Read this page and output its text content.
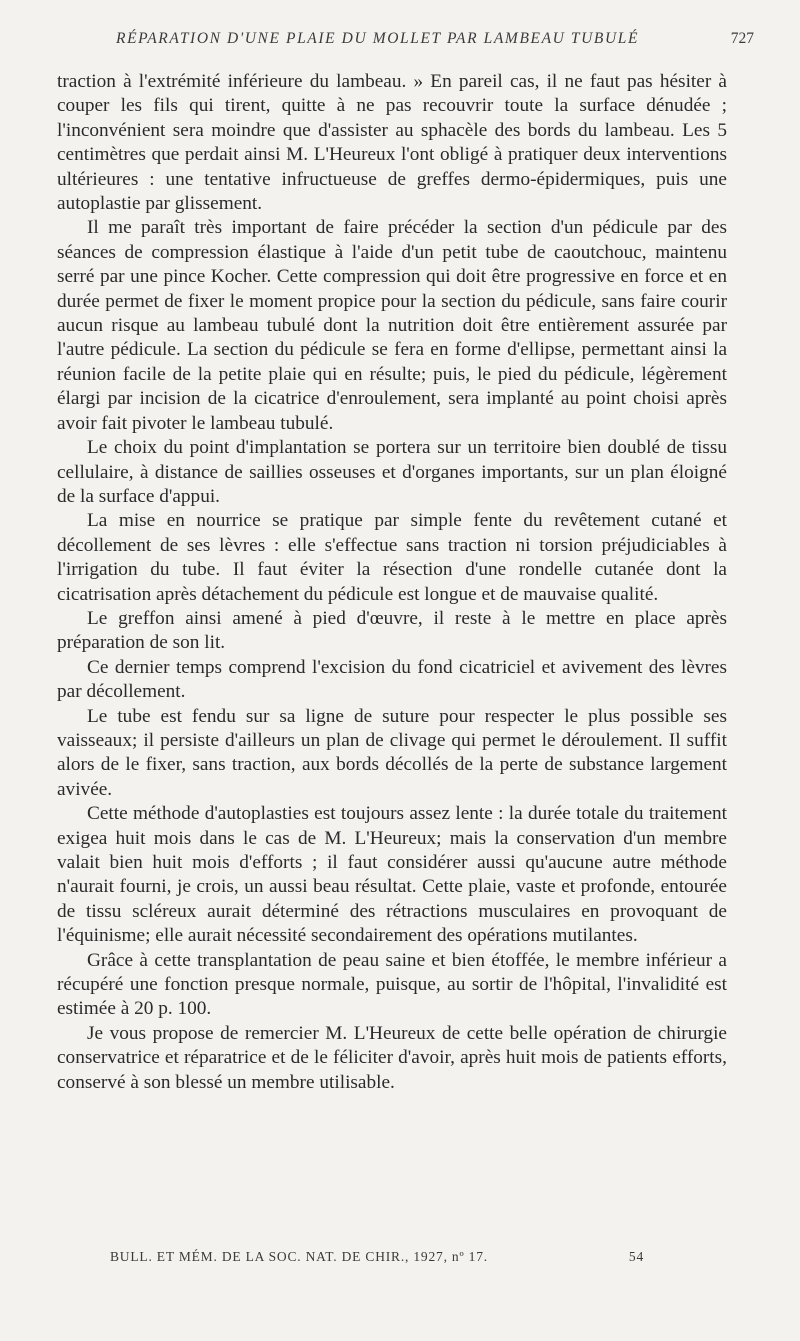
RÉPARATION D'UNE PLAIE DU MOLLET PAR LAMBEAU TUBULÉ	727

traction à l'extrémité inférieure du lambeau. » En pareil cas, il ne faut pas hésiter à couper les fils qui tirent, quitte à ne pas recouvrir toute la surface dénudée ; l'inconvénient sera moindre que d'assister au sphacèle des bords du lambeau. Les 5 centimètres que perdait ainsi M. L'Heureux l'ont obligé à pratiquer deux interventions ultérieures : une tentative infructueuse de greffes dermo-épidermiques, puis une autoplastie par glissement.

Il me paraît très important de faire précéder la section d'un pédicule par des séances de compression élastique à l'aide d'un petit tube de caoutchouc, maintenu serré par une pince Kocher. Cette compression qui doit être progressive en force et en durée permet de fixer le moment propice pour la section du pédicule, sans faire courir aucun risque au lambeau tubulé dont la nutrition doit être entièrement assurée par l'autre pédicule. La section du pédicule se fera en forme d'ellipse, permettant ainsi la réunion facile de la petite plaie qui en résulte; puis, le pied du pédicule, légèrement élargi par incision de la cicatrice d'enroulement, sera implanté au point choisi après avoir fait pivoter le lambeau tubulé.

Le choix du point d'implantation se portera sur un territoire bien doublé de tissu cellulaire, à distance de saillies osseuses et d'organes importants, sur un plan éloigné de la surface d'appui.

La mise en nourrice se pratique par simple fente du revêtement cutané et décollement de ses lèvres : elle s'effectue sans traction ni torsion préjudiciables à l'irrigation du tube. Il faut éviter la résection d'une rondelle cutanée dont la cicatrisation après détachement du pédicule est longue et de mauvaise qualité.

Le greffon ainsi amené à pied d'œuvre, il reste à le mettre en place après préparation de son lit.

Ce dernier temps comprend l'excision du fond cicatriciel et avivement des lèvres par décollement.

Le tube est fendu sur sa ligne de suture pour respecter le plus possible ses vaisseaux; il persiste d'ailleurs un plan de clivage qui permet le déroulement. Il suffit alors de le fixer, sans traction, aux bords décollés de la perte de substance largement avivée.

Cette méthode d'autoplasties est toujours assez lente : la durée totale du traitement exigea huit mois dans le cas de M. L'Heureux; mais la conservation d'un membre valait bien huit mois d'efforts ; il faut considérer aussi qu'aucune autre méthode n'aurait fourni, je crois, un aussi beau résultat. Cette plaie, vaste et profonde, entourée de tissu scléreux aurait déterminé des rétractions musculaires en provoquant de l'équinisme; elle aurait nécessité secondairement des opérations mutilantes.

Grâce à cette transplantation de peau saine et bien étoffée, le membre inférieur a récupéré une fonction presque normale, puisque, au sortir de l'hôpital, l'invalidité est estimée à 20 p. 100.

Je vous propose de remercier M. L'Heureux de cette belle opération de chirurgie conservatrice et réparatrice et de le féliciter d'avoir, après huit mois de patients efforts, conservé à son blessé un membre utilisable.

BULL. ET MÉM. DE LA SOC. NAT. DE CHIR., 1927, nº 17.	54
